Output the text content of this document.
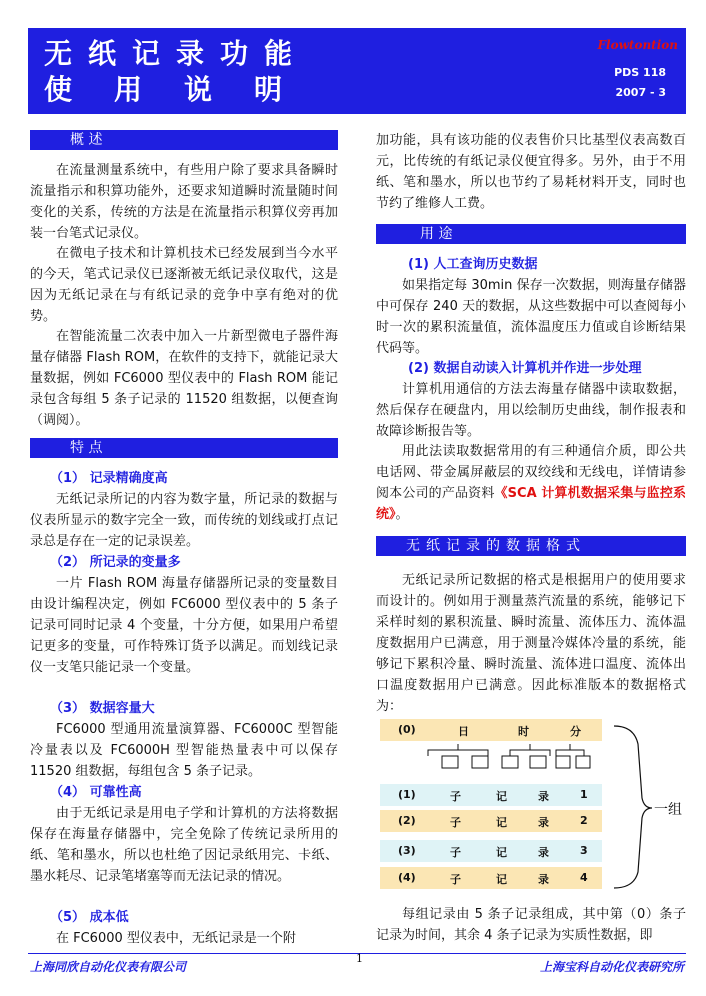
无纸记录功能
使 用 说 明
Flowtontion
PDS 118
2007 - 3
概 述
在流量测量系统中，有些用户除了要求具备瞬时流量指示和积算功能外，还要求知道瞬时流量随时间变化的关系，传统的方法是在流量指示积算仪旁再加装一台笔式记录仪。
在微电子技术和计算机技术已经发展到当今水平的今天，笔式记录仪已逐渐被无纸记录仪取代，这是因为无纸记录在与有纸记录的竞争中享有绝对的优势。
在智能流量二次表中加入一片新型微电子器件海量存储器 Flash ROM，在软件的支持下，就能记录大量数据，例如 FC6000 型仪表中的 Flash ROM 能记录包含每组 5 条子记录的 11520 组数据，以便查询（调阅）。
特 点
（1） 记录精确度高
无纸记录所记的内容为数字量，所记录的数据与仪表所显示的数字完全一致，而传统的划线或打点记录总是存在一定的记录误差。
（2） 所记录的变量多
一片 Flash ROM 海量存储器所记录的变量数目由设计编程决定，例如 FC6000 型仪表中的 5 条子记录可同时记录 4 个变量，十分方便，如果用户希望记更多的变量，可作特殊订货予以满足。而划线记录仪一支笔只能记录一个变量。
（3） 数据容量大
FC6000 型通用流量演算器、FC6000C 型智能冷量表以及 FC6000H 型智能热量表中可以保存 11520 组数据，每组包含 5 条子记录。
（4） 可靠性高
由于无纸记录是用电子学和计算机的方法将数据保存在海量存储器中，完全免除了传统记录所用的纸、笔和墨水，所以也杜绝了因记录纸用完、卡纸、墨水耗尽、记录笔堵塞等而无法记录的情况。
（5） 成本低
在 FC6000 型仪表中，无纸记录是一个附
加功能，具有该功能的仪表售价只比基型仪表高数百元，比传统的有纸记录仪便宜得多。另外，由于不用纸、笔和墨水，所以也节约了易耗材料开支，同时也节约了维修人工费。
用 途
(1) 人工查询历史数据
如果指定每 30min 保存一次数据，则海量存储器中可保存 240 天的数据，从这些数据中可以查阅每小时一次的累积流量值，流体温度压力值或自诊断结果代码等。
(2) 数据自动读入计算机并作进一步处理
计算机用通信的方法去海量存储器中读取数据，然后保存在硬盘内，用以绘制历史曲线，制作报表和故障诊断报告等。
用此法读取数据常用的有三种通信介质，即公共电话网、带金属屏蔽层的双绞线和无线电，详情请参阅本公司的产品资料《SCA 计算机数据采集与监控系统》。
无纸记录的数据格式
无纸记录所记数据的格式是根据用户的使用要求而设计的。例如用于测量蒸汽流量的系统，能够记下采样时刻的累积流量、瞬时流量、流体压力、流体温度数据用户已满意，用于测量冷媒体冷量的系统，能够记下累积冷量、瞬时流量、流体进口温度、流体出口温度数据用户已满意。因此标准版本的数据格式为：
(0)	日	时	分
(1)	子	记	录	1
(2)	子	记	录	2
(3)	子	记	录	3
(4)	子	记	录	4
一组
每组记录由 5 条子记录组成，其中第（0）条子记录为时间，其余 4 条子记录为实质性数据，即
上海同欣自动化仪表有限公司
1
上海宝科自动化仪表研究所
